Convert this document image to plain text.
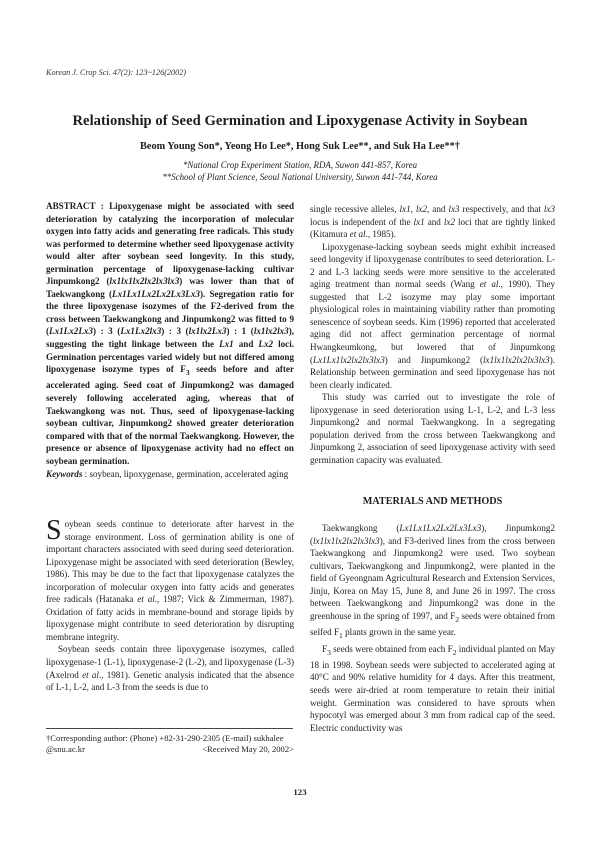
Korean J. Crop Sci. 47(2): 123~126(2002)
Relationship of Seed Germination and Lipoxygenase Activity in Soybean
Beom Young Son*, Yeong Ho Lee*, Hong Suk Lee**, and Suk Ha Lee**†
*National Crop Experiment Station, RDA, Suwon 441-857, Korea
**School of Plant Science, Seoul National University, Suwon 441-744, Korea

ABSTRACT : Lipoxygenase might be associated with seed deterioration by catalyzing the incorporation of molecular oxygen into fatty acids and generating free radicals. This study was performed to determine whether seed lipoxygenase activity would alter after soybean seed longevity. In this study, germination percentage of lipoxygenase-lacking cultivar Jinpumkong2 (lx1lx1lx2lx2lx3lx3) was lower than that of Taekwangkong (Lx1Lx1Lx2Lx2Lx3Lx3). Segregation ratio for the three lipoxygenase isozymes of the F2-derived from the cross between Taekwangkong and Jinpumkong2 was fitted to 9 (Lx1Lx2Lx3) : 3 (Lx1Lx2lx3) : 3 (lx1lx2Lx3) : 1 (lx1lx2lx3), suggesting the tight linkage between the Lx1 and Lx2 loci. Germination percentages varied widely but not differed among lipoxygenase isozyme types of $F_3$ seeds before and after accelerated aging. Seed coat of Jinpumkong2 was damaged severely following accelerated aging, whereas that of Taekwangkong was not. Thus, seed of lipoxygenase-lacking soybean cultivar, Jinpumkong2 showed greater deterioration compared with that of the normal Taekwangkong. However, the presence or absence of lipoxygenase activity had no effect on soybean germination.

Keywords : soybean, lipoxygenase, germination, accelerated aging

Soybean seeds continue to deteriorate after harvest in the storage environment. Loss of germination ability is one of important characters associated with seed during seed deterioration. Lipoxygenase might be associated with seed deterioration (Bewley, 1986). This may be due to the fact that lipoxygenase catalyzes the incorporation of molecular oxygen into fatty acids and generates free radicals (Hatanaka et al., 1987; Vick & Zimmerman, 1987). Oxidation of fatty acids in membrane-bound and storage lipids by lipoxygenase might contribute to seed deterioration by disrupting membrane integrity.

Soybean seeds contain three lipoxygenase isozymes, called lipoxygenase-1 (L-1), lipoxygenase-2 (L-2), and lipoxygenase (L-3) (Axelrod et al., 1981). Genetic analysis indicated that the absence of L-1, L-2, and L-3 from the seeds is due to

†Corresponding author: (Phone) +82-31-290-2305 (E-mail) sukhalee
@snu.ac.kr	<Received May 20, 2002>

single recessive alleles, lx1, lx2, and lx3 respectively, and that lx3 locus is independent of the lx1 and lx2 loci that are tightly linked (Kitamura et al., 1985).

Lipoxygenase-lacking soybean seeds might exhibit increased seed longevity if lipoxygenase contributes to seed deterioration. L-2 and L-3 lacking seeds were more sensitive to the accelerated aging treatment than normal seeds (Wang et al., 1990). They suggested that L-2 isozyme may play some important physiological roles in maintaining viability rather than promoting senescence of soybean seeds. Kim (1996) reported that accelerated aging did not affect germination percentage of normal Hwangkeumkong, but lowered that of Jinpumkong (Lx1Lx1lx2lx2lx3lx3) and Jinpumkong2 (lx1lx1lx2lx2lx3lx3). Relationship between germination and seed lipoxygenase has not been clearly indicated.

This study was carried out to investigate the role of lipoxygenase in seed deterioration using L-1, L-2, and L-3 less Jinpumkong2 and normal Taekwangkong. In a segregating population derived from the cross between Taekwangkong and Jinpumkong 2, association of seed lipoxygenase activity with seed germination capacity was evaluated.

MATERIALS AND METHODS

Taekwangkong (Lx1Lx1Lx2Lx2Lx3Lx3), Jinpumkong2 (lx1lx1lx2lx2lx3lx3), and F3-derived lines from the cross between Taekwangkong and Jinpumkong2 were used. Two soybean cultivars, Taekwangkong and Jinpumkong2, were planted in the field of Gyeongnam Agricultural Research and Extension Services, Jinju, Korea on May 15, June 8, and June 26 in 1997. The cross between Taekwangkong and Jinpumkong2 was done in the greenhouse in the spring of 1997, and $F_2$ seeds were obtained from selfed $F_1$ plants grown in the same year.

$F_3$ seeds were obtained from each $F_2$ individual planted on May 18 in 1998. Soybean seeds were subjected to accelerated aging at 40°C and 90% relative humidity for 4 days. After this treatment, seeds were air-dried at room temperature to retain their initial weight. Germination was considered to have sprouts when hypocotyl was emerged about 3 mm from radical cap of the seed. Electric conductivity was

123
